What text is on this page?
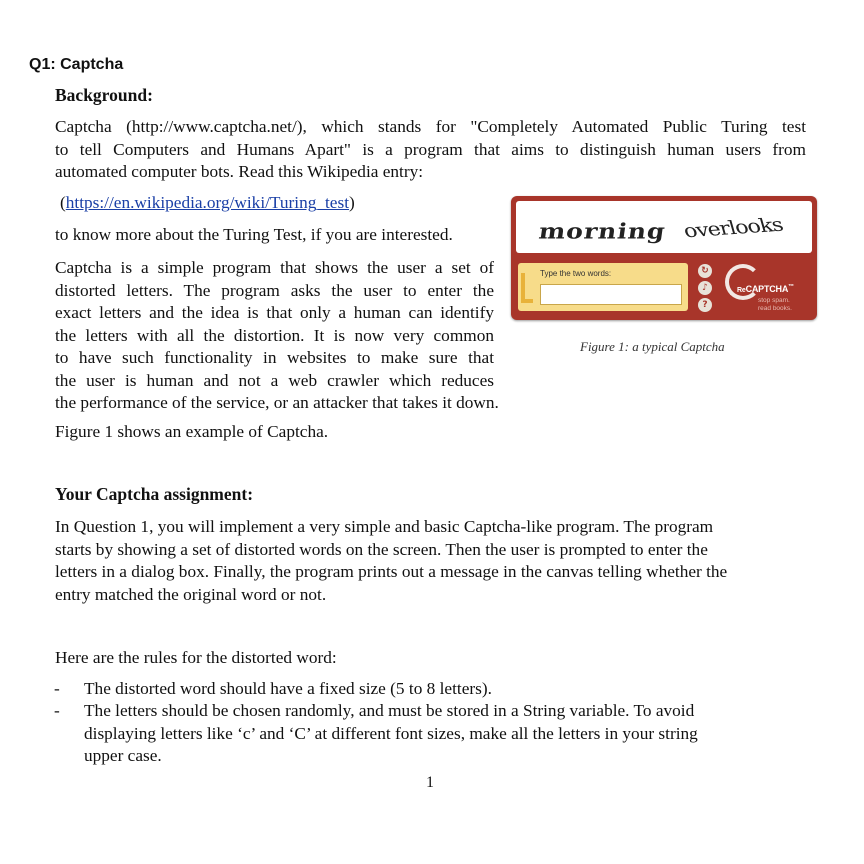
Q1: Captcha
Background:
Captcha (http://www.captcha.net/), which stands for "Completely Automated Public Turing test
to tell Computers and Humans Apart" is a program that aims to distinguish human users from
automated computer bots. Read this Wikipedia entry:
(https://en.wikipedia.org/wiki/Turing_test)
to know more about the Turing Test, if you are interested.
Captcha is a simple program that shows the user a set of
distorted letters. The program asks the user to enter the
exact letters and the idea is that only a human can identify
the letters with all the distortion. It is now very common
to have such functionality in websites to make sure that
the user is human and not a web crawler which reduces
the performance of the service, or an attacker that takes it down.
Figure 1 shows an example of Captcha.
morning overlooks
Type the two words:	↻
♪
?
ReCAPTCHA™
stop spam.
read books.
Figure 1: a typical Captcha
Your Captcha assignment:
In Question 1, you will implement a very simple and basic Captcha-like program. The program
starts by showing a set of distorted words on the screen. Then the user is prompted to enter the
letters in a dialog box. Finally, the program prints out a message in the canvas telling whether the
entry matched the original word or not.
Here are the rules for the distorted word:
- The distorted word should have a fixed size (5 to 8 letters).
- The letters should be chosen randomly, and must be stored in a String variable. To avoid
displaying letters like ‘c’ and ‘C’ at different font sizes, make all the letters in your string
upper case.
1
